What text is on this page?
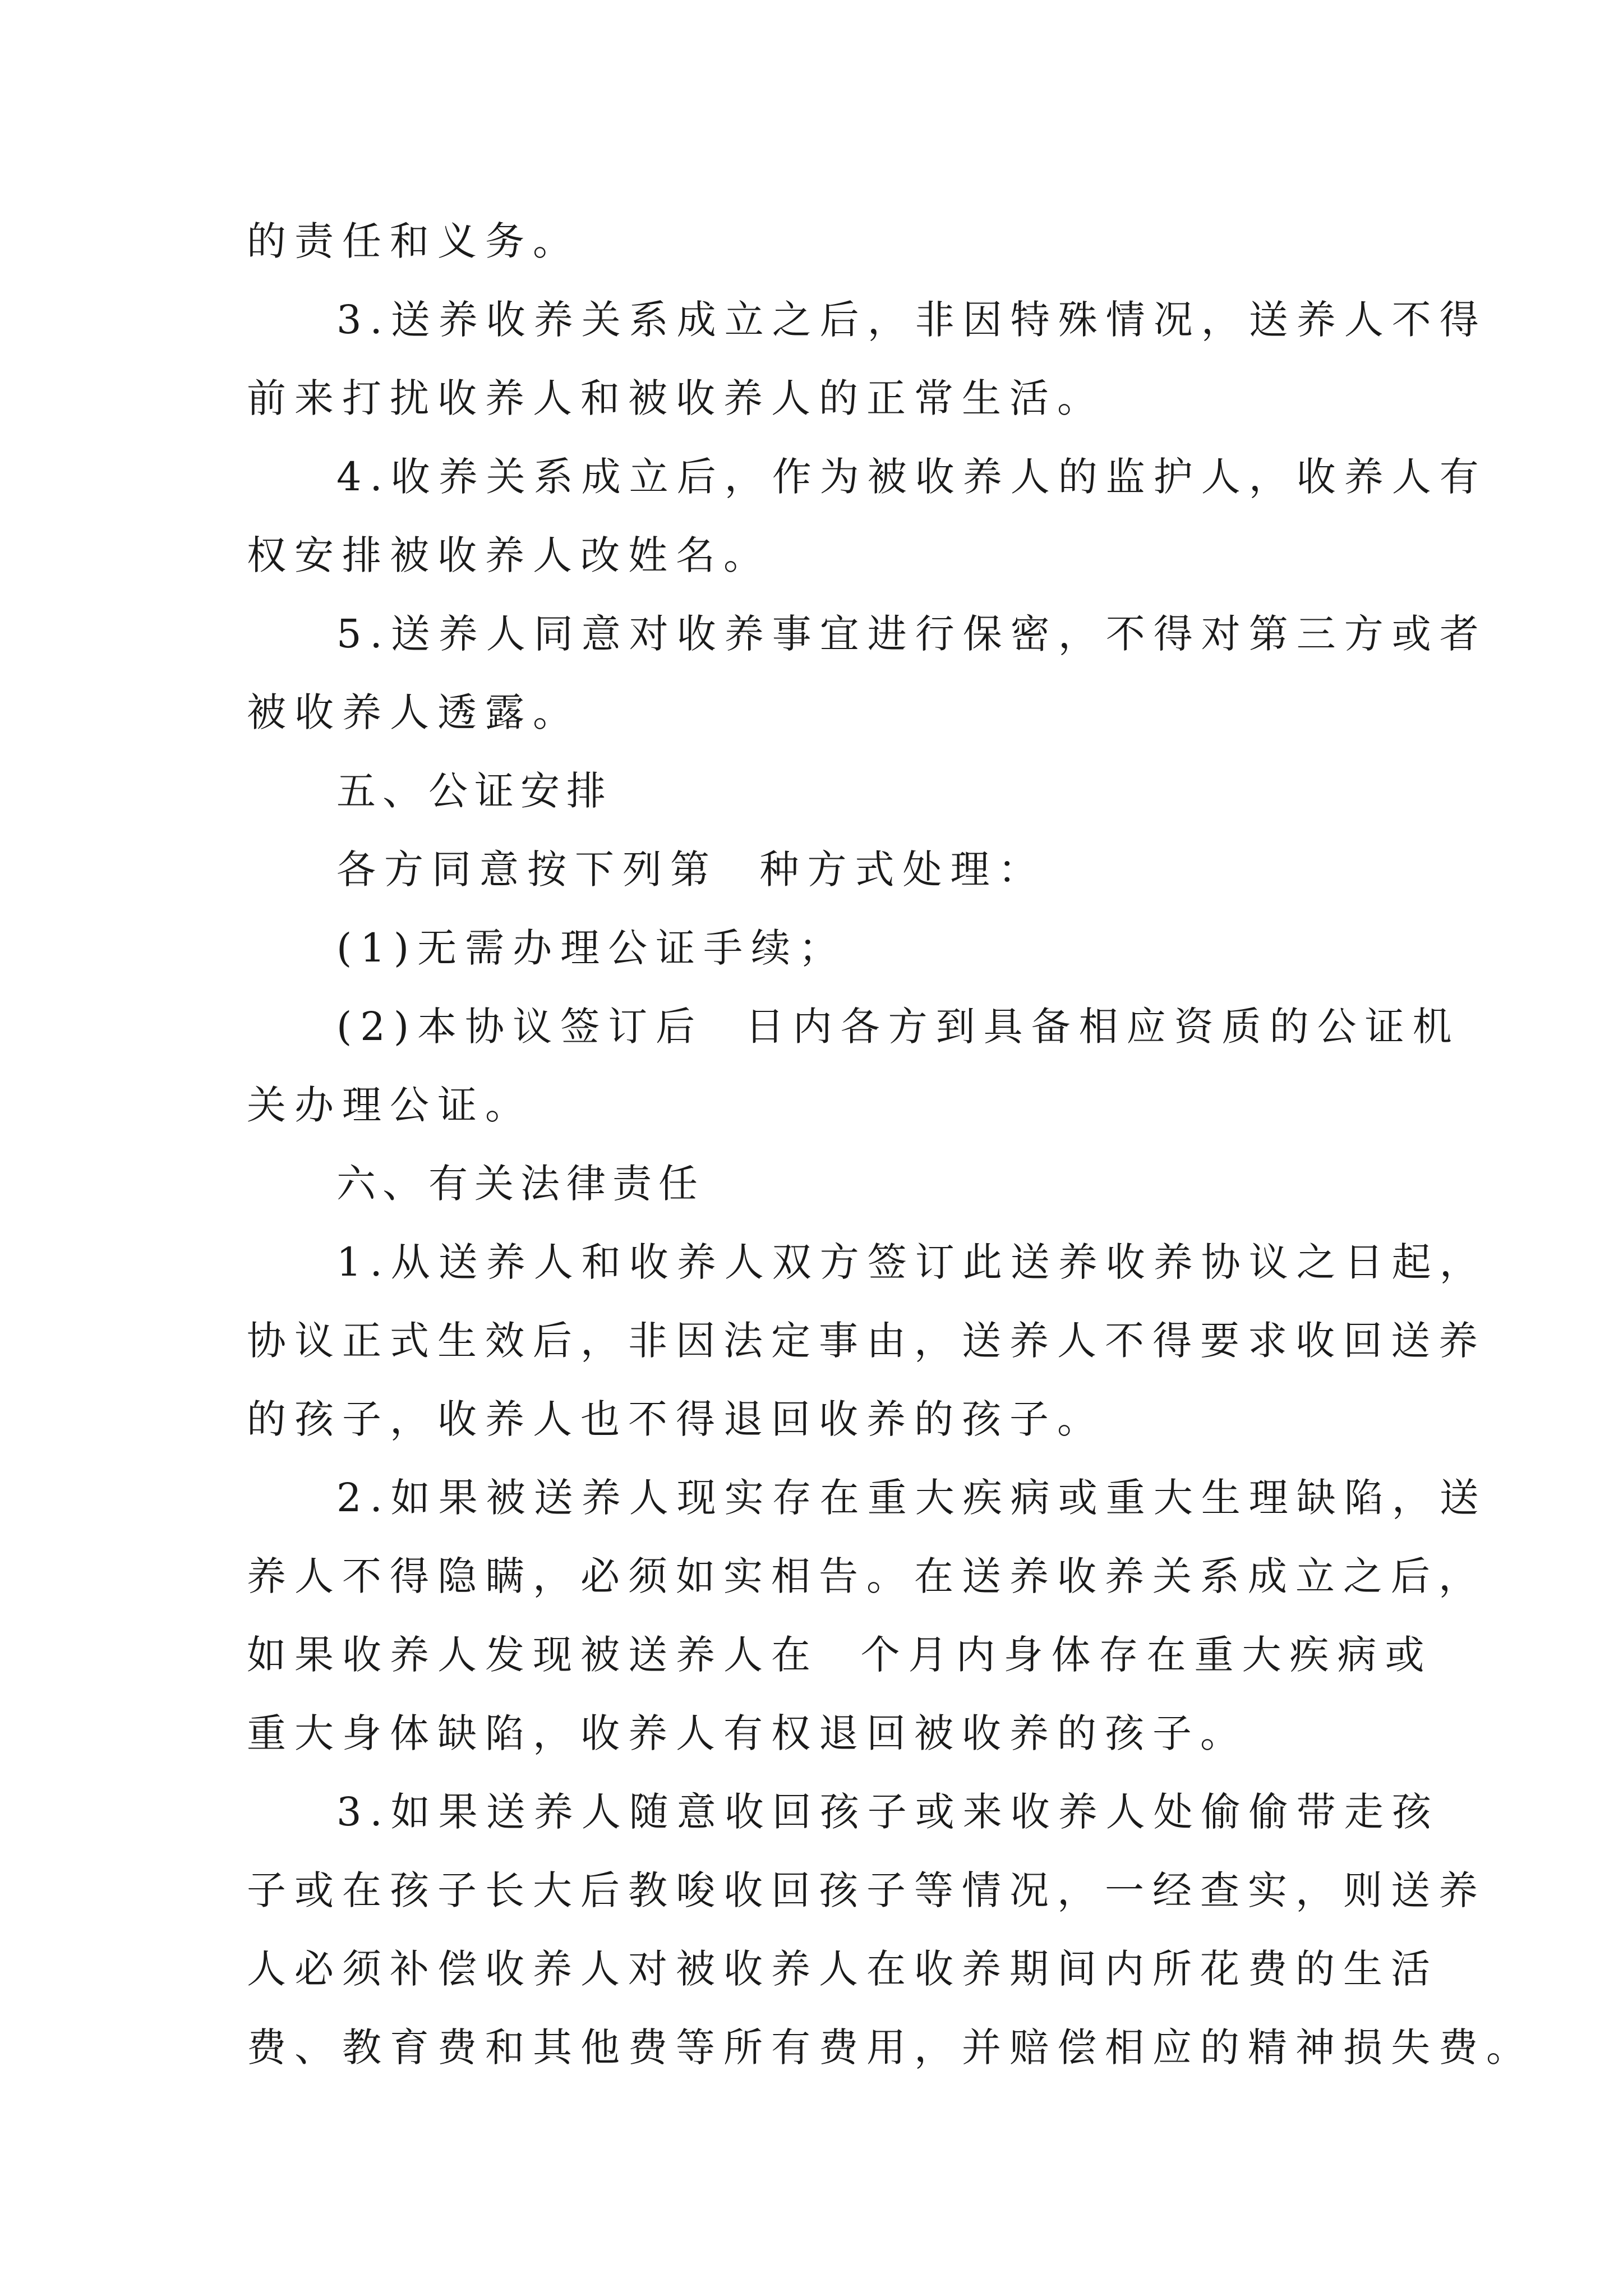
的责任和义务。

3.送养收养关系成立之后，非因特殊情况，送养人不得

前来打扰收养人和被收养人的正常生活。

4.收养关系成立后，作为被收养人的监护人，收养人有

权安排被收养人改姓名。

5.送养人同意对收养事宜进行保密，不得对第三方或者

被收养人透露。

五、公证安排

各方同意按下列第  种方式处理：

(1)无需办理公证手续；

(2)本协议签订后  日内各方到具备相应资质的公证机

关办理公证。

六、有关法律责任

1.从送养人和收养人双方签订此送养收养协议之日起，

协议正式生效后，非因法定事由，送养人不得要求收回送养

的孩子，收养人也不得退回收养的孩子。

2.如果被送养人现实存在重大疾病或重大生理缺陷，送

养人不得隐瞒，必须如实相告。在送养收养关系成立之后，

如果收养人发现被送养人在  个月内身体存在重大疾病或

重大身体缺陷，收养人有权退回被收养的孩子。

3.如果送养人随意收回孩子或来收养人处偷偷带走孩

子或在孩子长大后教唆收回孩子等情况，一经查实，则送养

人必须补偿收养人对被收养人在收养期间内所花费的生活

费、教育费和其他费等所有费用，并赔偿相应的精神损失费。
